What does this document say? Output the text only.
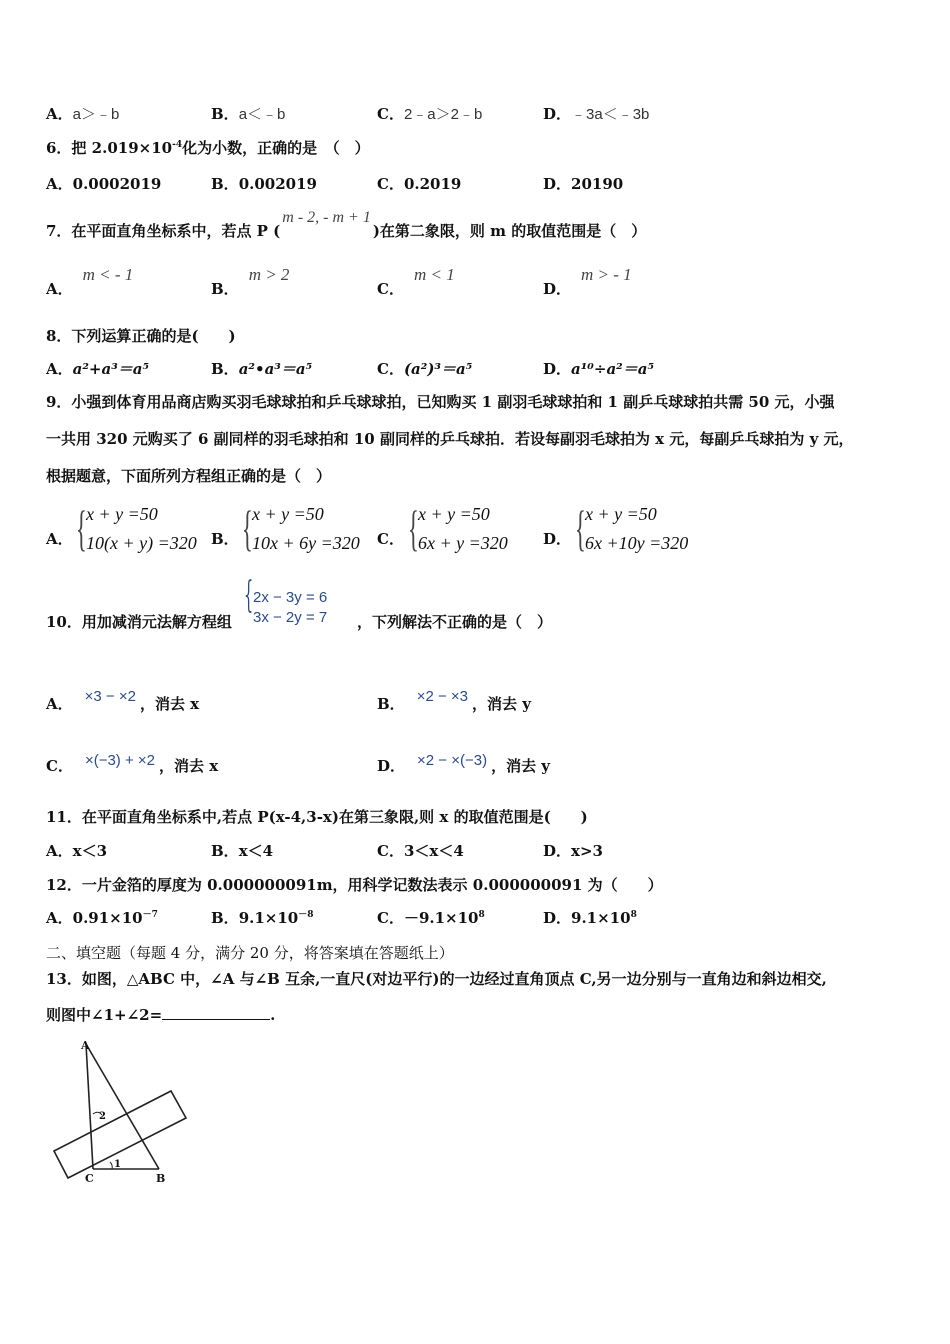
A．a＞﹣b	B．a＜﹣b	C．2﹣a＞2﹣b	D．﹣3a＜﹣3b
6．把 $2.019\times 10^{-4}$化为小数，正确的是　（　）
A．0.0002019	B．0.002019	C．0.2019	D．20190
7．在平面直角坐标系中，若点 P (m - 2, - m + 1)在第二象限，则 m 的取值范围是（　）
A．m < - 1
B．m > 2
C．m < 1
D．m > - 1
8．下列运算正确的是(　　)
A．a²+a³＝a⁵	B．a²•a³＝a⁵	C．(a²)³＝a⁵	D．a¹⁰÷a²＝a⁵
9．小强到体育用品商店购买羽毛球球拍和乒乓球球拍，已知购买 1 副羽毛球球拍和 1 副乒乓球球拍共需 50 元，小强
一共用 320 元购买了 6 副同样的羽毛球拍和 10 副同样的乒乓球拍．若设每副羽毛球拍为 x 元，每副乒乓球拍为 y 元，
根据题意，下面所列方程组正确的是（　）
A． { x + y =50
10(x + y) =320 B． { x + y =50
10x + 6y =320 C． { x + y =50
6x + y =320 D． { x + y =50
6x +10y =320
10．用加减消元法解方程组
{ 2x − 3y = 6
3x − 2y = 7 ，下列解法不正确的是（　）
A． ×3 − ×2 ，消去 x	B． ×2 − ×3 ，消去 y
C． ×(−3) + ×2 ，消去 x	D． ×2 − ×(−3) ，消去 y
11．在平面直角坐标系中,若点 P(x-4,3-x)在第三象限,则 x 的取值范围是(　　)
A．x＜3	B．x＜4	C．3＜x＜4	D．x>3
12．一片金箔的厚度为 0.000000091m，用科学记数法表示 0.000000091 为（　　）
A．$0.91\times 10^{-7}$	B．$9.1\times 10^{-8}$	C．$-9.1\times 10^8$	D．$9.1\times 10^8$
二、填空题（每题 4 分，满分 20 分，将答案填在答题纸上）
13．如图，△ABC 中，∠A 与∠B 互余,一直尺(对边平行)的一边经过直角顶点 C,另一边分别与一直角边和斜边相交,
则图中∠1+∠2=	.
A
C	B
2
1
